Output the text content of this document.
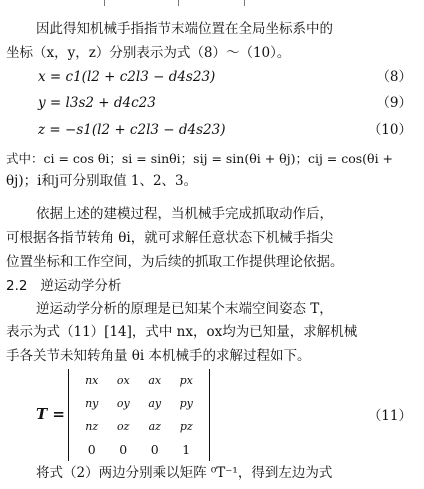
因此得知机械手指指节末端位置在全局坐标系中的
坐标（x，y，z）分别表示为式（8）～（10）。
x = c1(l2 + c2l3 − d4s23)	（8）
y = l3s2 + d4c23	（9）
z = −s1(l2 + c2l3 − d4s23)	（10）
式中：ci = cos θi；si = sinθi；sij = sin(θi + θj)；cij = cos(θi +
θj)；i和j可分别取值 1、2、3。
依据上述的建模过程，当机械手完成抓取动作后，
可根据各指节转角 θi，就可求解任意状态下机械手指尖
位置坐标和工作空间，为后续的抓取工作提供理论依据。
2.2 逆运动学分析
逆运动学分析的原理是已知某个末端空间姿态 T，
表示为式（11）[14]，式中 nx，ox均为已知量，求解机械
手各关节未知转角量 θi 本机械手的求解过程如下。
T =
nx	ox	ax	px
ny	oy	ay	py
nz	oz	az	pz
0	0	0	1
（11）
将式（2）两边分别乘以矩阵 ⁰T⁻¹，得到左边为式
